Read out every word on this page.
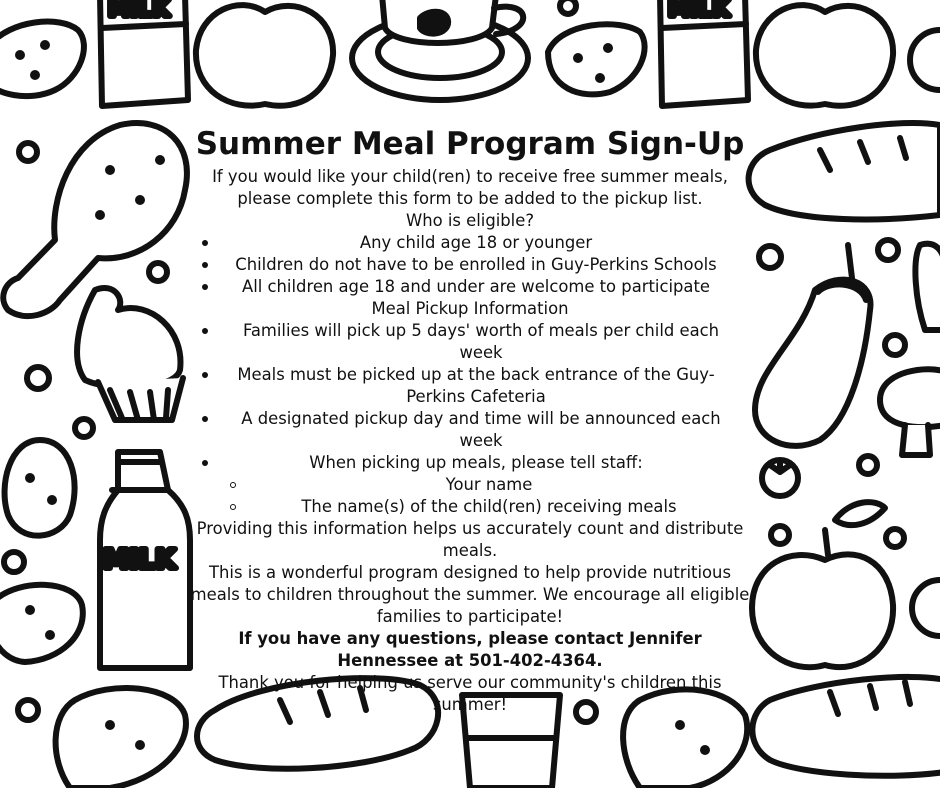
MILK	MILK
MILK
Summer Meal Program Sign-Up

If you would like your child(ren) to receive free summer meals, please complete this form to be added to the pickup list.

Who is eligible?

Any child age 18 or younger
Children do not have to be enrolled in Guy-Perkins Schools
All children age 18 and under are welcome to participate

Meal Pickup Information

Families will pick up 5 days' worth of meals per child each week
Meals must be picked up at the back entrance of the Guy-Perkins Cafeteria
A designated pickup day and time will be announced each week
When picking up meals, please tell staff:
Your name
The name(s) of the child(ren) receiving meals

Providing this information helps us accurately count and distribute meals.

This is a wonderful program designed to help provide nutritious meals to children throughout the summer. We encourage all eligible families to participate!

If you have any questions, please contact Jennifer Hennessee at 501-402-4364.

Thank you for helping us serve our community's children this summer!
